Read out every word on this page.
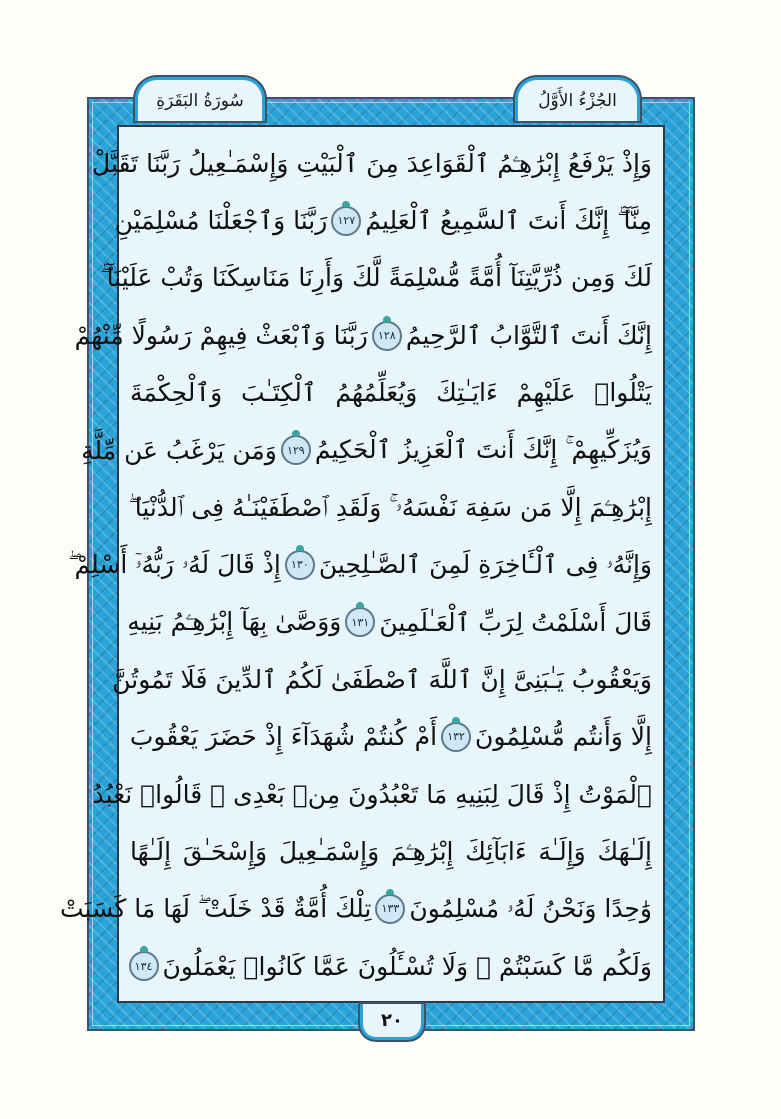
سُورَةُ البَقَرَةِ	الجُزْءُ الأَوَّلُ
وَإِذْ يَرْفَعُ إِبْرَٰهِـۧمُ ٱلْقَوَاعِدَ مِنَ ٱلْبَيْتِ وَإِسْمَـٰعِيلُ رَبَّنَا تَقَبَّلْ
مِنَّآ ۖ إِنَّكَ أَنتَ ٱلسَّمِيعُ ٱلْعَلِيمُ
١٢٧
رَبَّنَا وَٱجْعَلْنَا مُسْلِمَيْنِ
لَكَ وَمِن ذُرِّيَّتِنَآ أُمَّةً مُّسْلِمَةً لَّكَ وَأَرِنَا مَنَاسِكَنَا وَتُبْ عَلَيْنَآ ۖ
إِنَّكَ أَنتَ ٱلتَّوَّابُ ٱلرَّحِيمُ
١٢٨
رَبَّنَا وَٱبْعَثْ فِيهِمْ رَسُولًا مِّنْهُمْ
يَتْلُوا۟ عَلَيْهِمْ ءَايَـٰتِكَ وَيُعَلِّمُهُمُ ٱلْكِتَـٰبَ وَٱلْحِكْمَةَ
وَيُزَكِّيهِمْ ۚ إِنَّكَ أَنتَ ٱلْعَزِيزُ ٱلْحَكِيمُ
١٢٩
وَمَن يَرْغَبُ عَن مِّلَّةِ
إِبْرَٰهِـۧمَ إِلَّا مَن سَفِهَ نَفْسَهُۥ ۚ وَلَقَدِ ٱصْطَفَيْنَـٰهُ فِى ٱلدُّنْيَا ۖ
وَإِنَّهُۥ فِى ٱلْـَٔاخِرَةِ لَمِنَ ٱلصَّـٰلِحِينَ
١٣٠
إِذْ قَالَ لَهُۥ رَبُّهُۥٓ أَسْلِمْ ۖ
قَالَ أَسْلَمْتُ لِرَبِّ ٱلْعَـٰلَمِينَ
١٣١
وَوَصَّىٰ بِهَآ إِبْرَٰهِـۧمُ بَنِيهِ
وَيَعْقُوبُ يَـٰبَنِىَّ إِنَّ ٱللَّهَ ٱصْطَفَىٰ لَكُمُ ٱلدِّينَ فَلَا تَمُوتُنَّ
إِلَّا وَأَنتُم مُّسْلِمُونَ
١٣٢
أَمْ كُنتُمْ شُهَدَآءَ إِذْ حَضَرَ يَعْقُوبَ
ٱلْمَوْتُ إِذْ قَالَ لِبَنِيهِ مَا تَعْبُدُونَ مِنۢ بَعْدِى ۖ قَالُوا۟ نَعْبُدُ
إِلَـٰهَكَ وَإِلَـٰهَ ءَابَآئِكَ إِبْرَٰهِـۧمَ وَإِسْمَـٰعِيلَ وَإِسْحَـٰقَ إِلَـٰهًا
وَٰحِدًا وَنَحْنُ لَهُۥ مُسْلِمُونَ
١٣٣
تِلْكَ أُمَّةٌ قَدْ خَلَتْ ۖ لَهَا مَا كَسَبَتْ
وَلَكُم مَّا كَسَبْتُمْ ۖ وَلَا تُسْـَٔلُونَ عَمَّا كَانُوا۟ يَعْمَلُونَ
١٣٤
٢٠
